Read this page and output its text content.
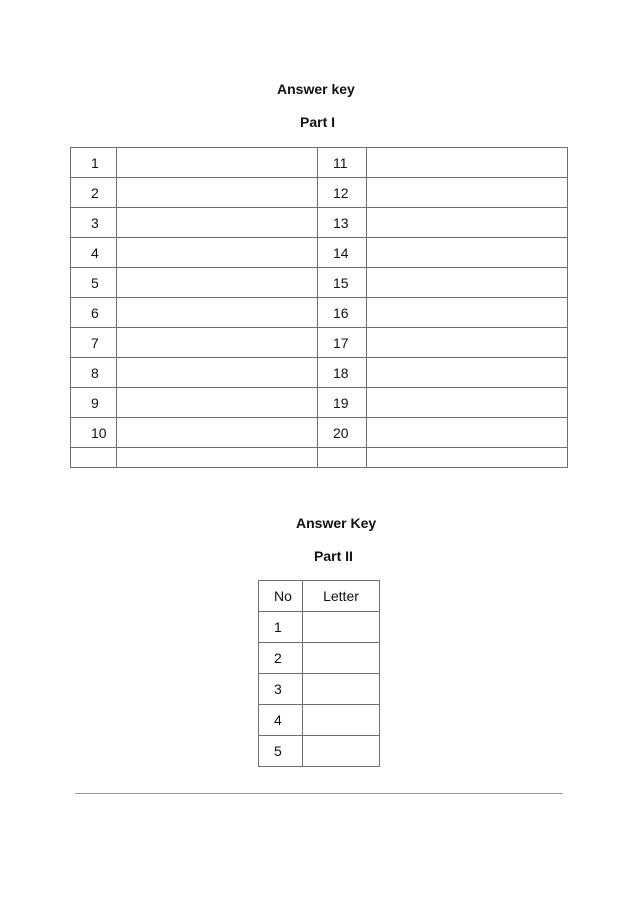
Answer key
Part I
1		11	
2		12	
3		13	
4		14	
5		15	
6		16	
7		17	
8		18	
9		19	
10		20	

Answer Key
Part II
No	Letter
1	
2	
3	
4	
5	
